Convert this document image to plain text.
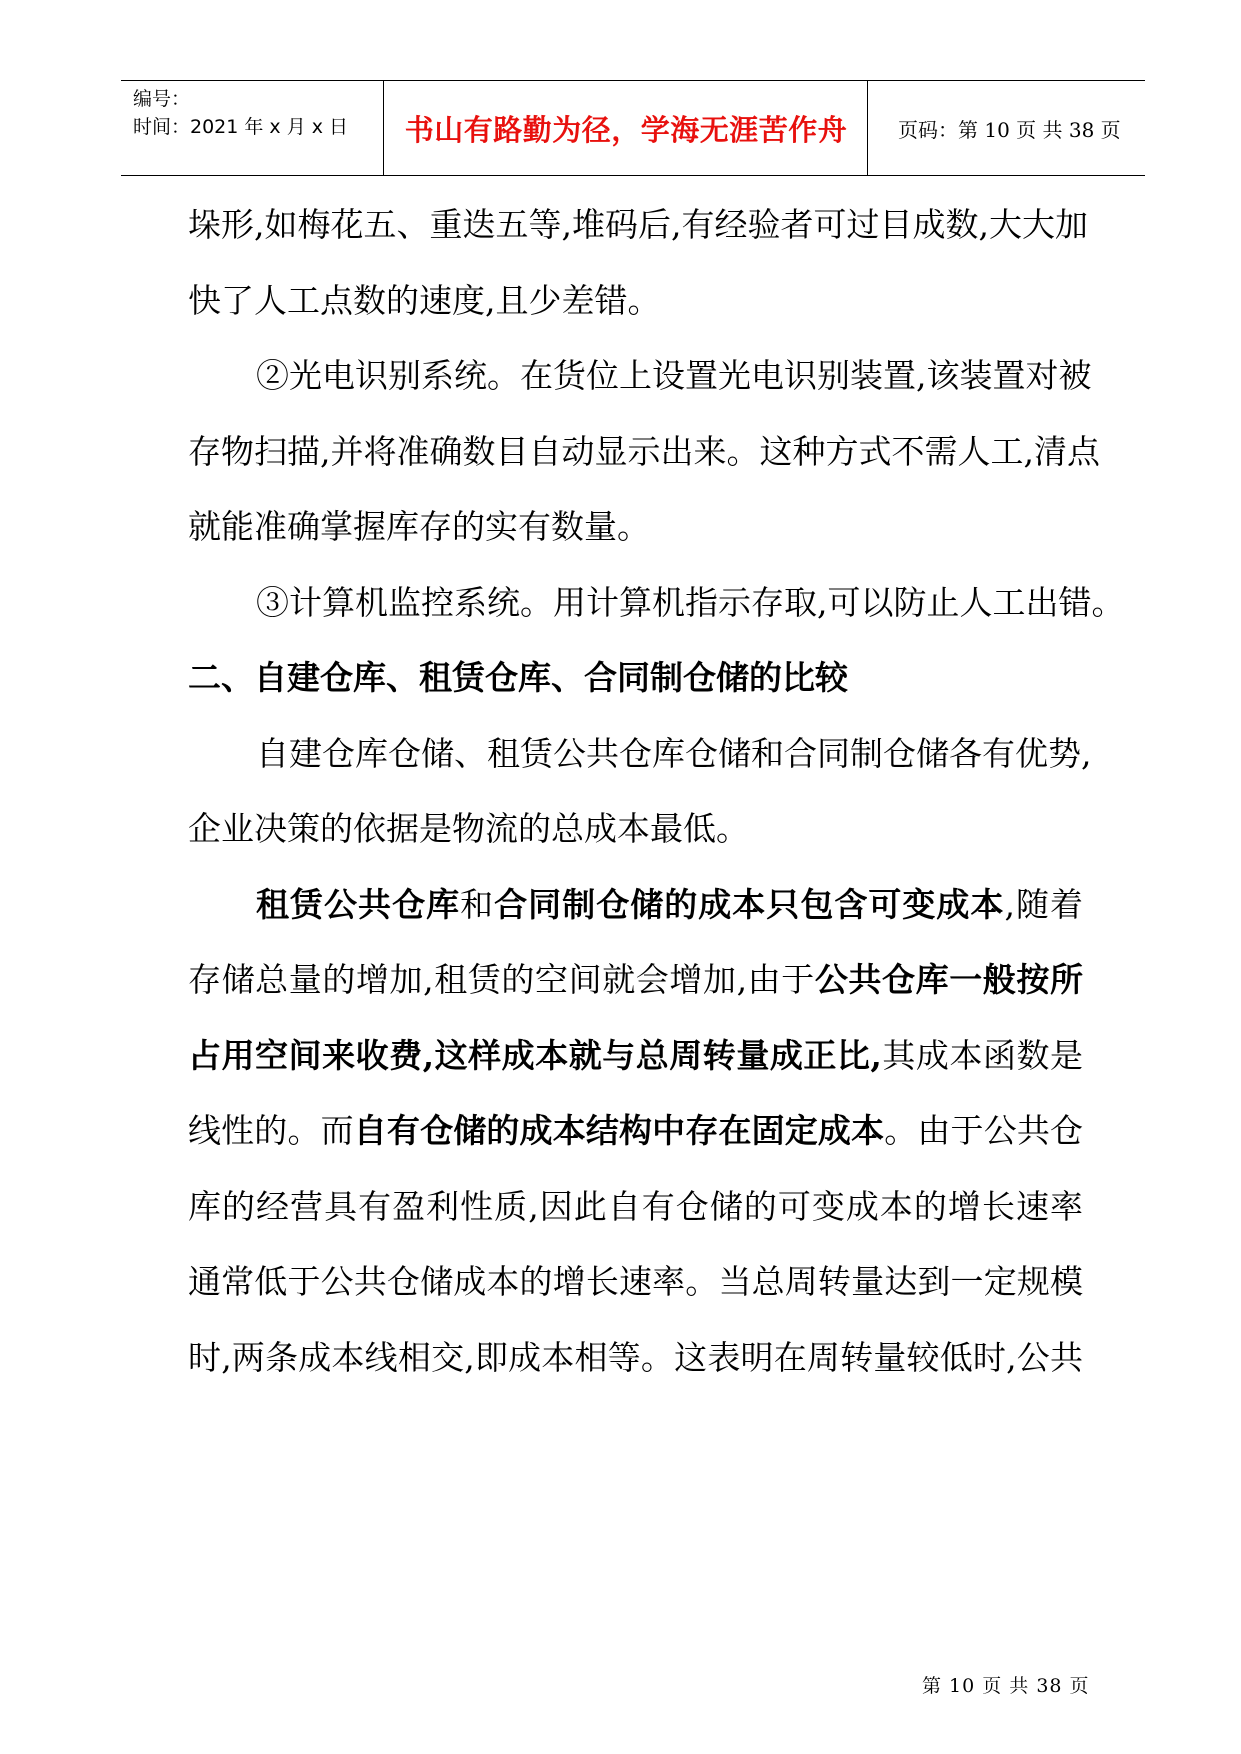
编号：
时间：2021 年 x 月 x 日	书山有路勤为径，学海无涯苦作舟	页码：第 10 页 共 38 页
垛形,如梅花五、重迭五等,堆码后,有经验者可过目成数,大大加
快了人工点数的速度,且少差错。
②光电识别系统。在货位上设置光电识别装置,该装置对被
存物扫描,并将准确数目自动显示出来。这种方式不需人工,清点
就能准确掌握库存的实有数量。
③计算机监控系统。用计算机指示存取,可以防止人工出错。
二、自建仓库、租赁仓库、合同制仓储的比较
自建仓库仓储、租赁公共仓库仓储和合同制仓储各有优势,
企业决策的依据是物流的总成本最低。
租赁公共仓库和合同制仓储的成本只包含可变成本,随着
存储总量的增加,租赁的空间就会增加,由于公共仓库一般按所
占用空间来收费,这样成本就与总周转量成正比,其成本函数是
线性的。而自有仓储的成本结构中存在固定成本。由于公共仓
库的经营具有盈利性质,因此自有仓储的可变成本的增长速率
通常低于公共仓储成本的增长速率。当总周转量达到一定规模
时,两条成本线相交,即成本相等。这表明在周转量较低时,公共
第 10 页 共 38 页
